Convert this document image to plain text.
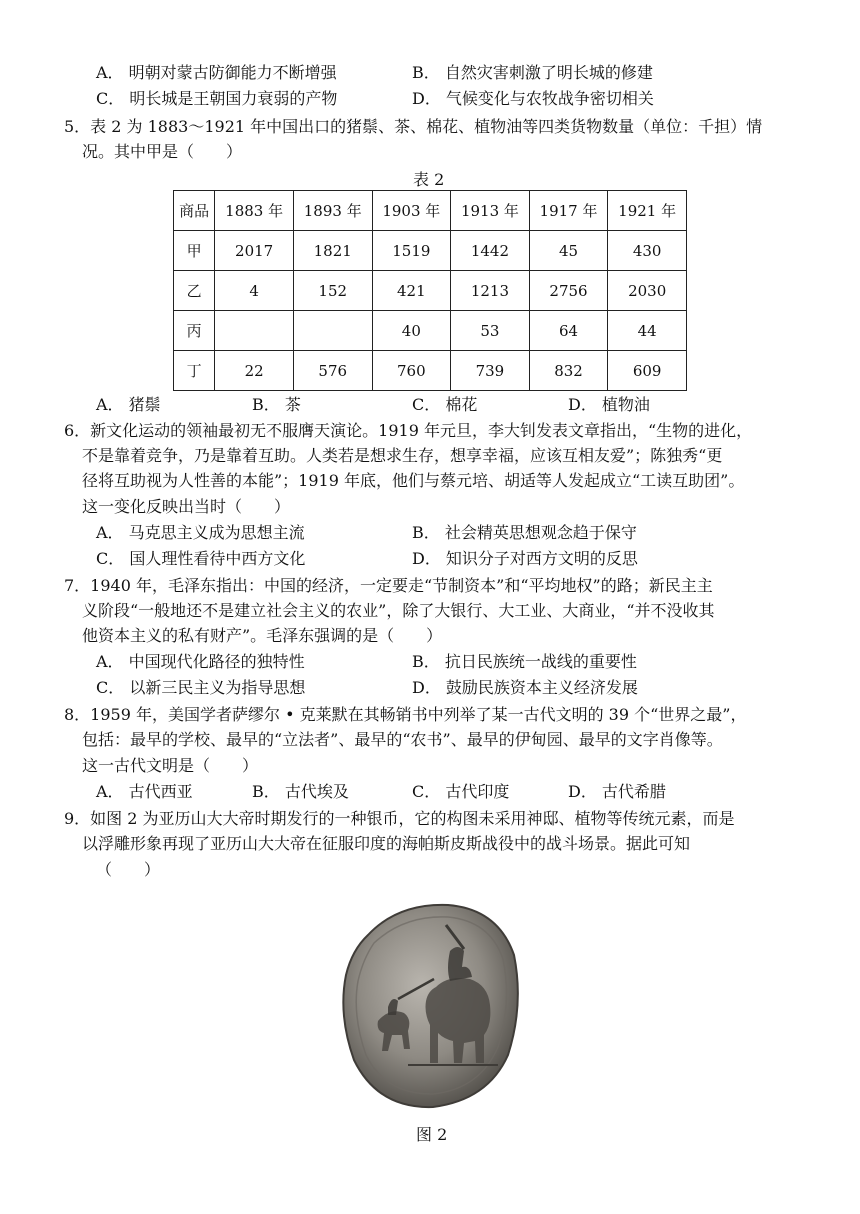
A． 明朝对蒙古防御能力不断增强	B． 自然灾害刺激了明长城的修建
C． 明长城是王朝国力衰弱的产物	D． 气候变化与农牧战争密切相关
5．表 2 为 1883～1921 年中国出口的猪鬃、茶、棉花、植物油等四类货物数量（单位：千担）情
况。其中甲是（　　）
表 2
商品	1883 年	1893 年	1903 年	1913 年	1917 年	1921 年
甲	2017	1821	1519	1442	45	430
乙	4	152	421	1213	2756	2030
丙			40	53	64	44
丁	22	576	760	739	832	609
A． 猪鬃	B． 茶	C． 棉花	D． 植物油
6．新文化运动的领袖最初无不服膺天演论。1919 年元旦，李大钊发表文章指出，“生物的进化，
不是靠着竞争，乃是靠着互助。人类若是想求生存，想享幸福，应该互相友爱”；陈独秀“更
径将互助视为人性善的本能”；1919 年底，他们与蔡元培、胡适等人发起成立“工读互助团”。
这一变化反映出当时（　　）
A． 马克思主义成为思想主流	B． 社会精英思想观念趋于保守
C． 国人理性看待中西方文化	D． 知识分子对西方文明的反思
7．1940 年，毛泽东指出：中国的经济，一定要走“节制资本”和“平均地权”的路；新民主主
义阶段“一般地还不是建立社会主义的农业”，除了大银行、大工业、大商业，“并不没收其
他资本主义的私有财产”。毛泽东强调的是（　　）
A． 中国现代化路径的独特性	B． 抗日民族统一战线的重要性
C． 以新三民主义为指导思想	D． 鼓励民族资本主义经济发展
8．1959 年，美国学者萨缪尔 • 克莱默在其畅销书中列举了某一古代文明的 39 个“世界之最”，
包括：最早的学校、最早的“立法者”、最早的“农书”、最早的伊甸园、最早的文字肖像等。
这一古代文明是（　　）
A． 古代西亚	B． 古代埃及	C． 古代印度	D． 古代希腊
9．如图 2 为亚历山大大帝时期发行的一种银币，它的构图未采用神邸、植物等传统元素，而是
以浮雕形象再现了亚历山大大帝在征服印度的海帕斯皮斯战役中的战斗场景。据此可知
（　　）
图 2
